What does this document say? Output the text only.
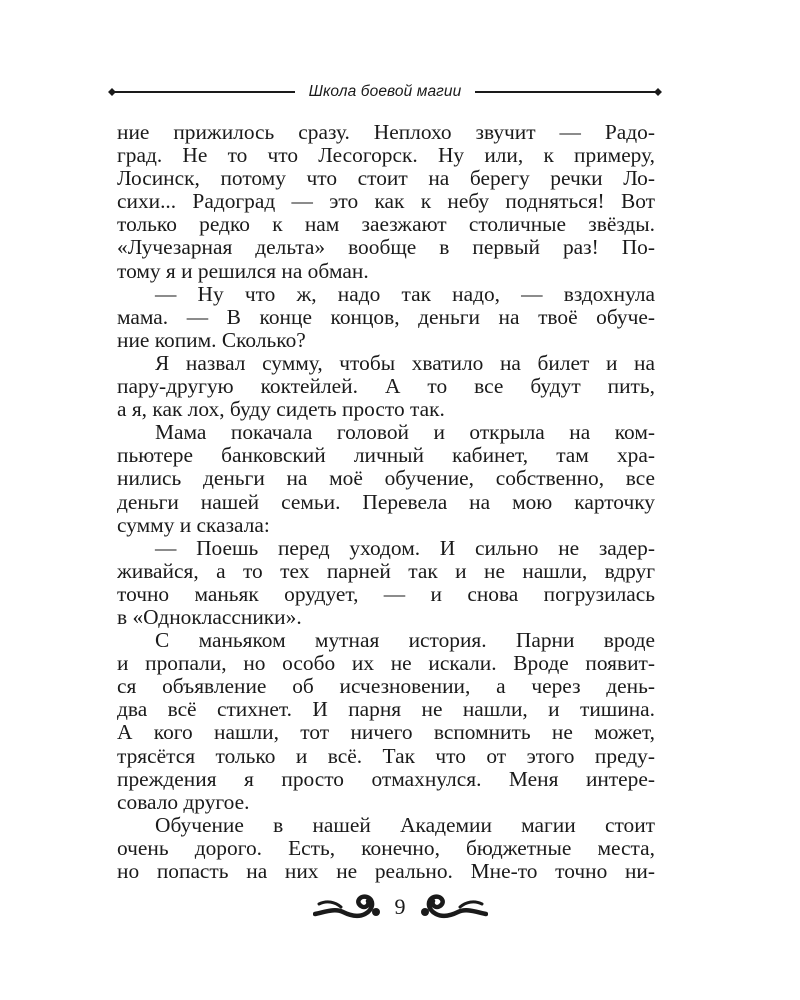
Школа боевой магии
ние прижилось сразу. Неплохо звучит — Радо-
град. Не то что Лесогорск. Ну или, к примеру,
Лосинск, потому что стоит на берегу речки Ло-
сихи... Радоград — это как к небу подняться! Вот
только редко к нам заезжают столичные звёзды.
«Лучезарная дельта» вообще в первый раз! По-
тому я и решился на обман.
— Ну что ж, надо так надо, — вздохнула
мама. — В конце концов, деньги на твоё обуче-
ние копим. Сколько?
Я назвал сумму, чтобы хватило на билет и на
пару-другую коктейлей. А то все будут пить,
а я, как лох, буду сидеть просто так.
Мама покачала головой и открыла на ком-
пьютере банковский личный кабинет, там хра-
нились деньги на моё обучение, собственно, все
деньги нашей семьи. Перевела на мою карточку
сумму и сказала:
— Поешь перед уходом. И сильно не задер-
живайся, а то тех парней так и не нашли, вдруг
точно маньяк орудует, — и снова погрузилась
в «Одноклассники».
С маньяком мутная история. Парни вроде
и пропали, но особо их не искали. Вроде появит-
ся объявление об исчезновении, а через день-
два всё стихнет. И парня не нашли, и тишина.
А кого нашли, тот ничего вспомнить не может,
трясётся только и всё. Так что от этого преду-
преждения я просто отмахнулся. Меня интере-
совало другое.
Обучение в нашей Академии магии стоит
очень дорого. Есть, конечно, бюджетные места,
но попасть на них не реально. Мне-то точно ни-
9
